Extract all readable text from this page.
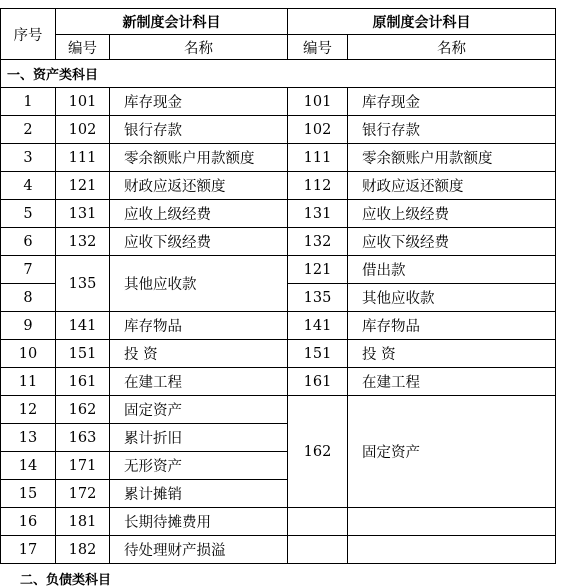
序号	新制度会计科目		原制度会计科目	
	编号	名称	编号	名称
一、资产类科目				
1	101	库存现金	101	库存现金
2	102	银行存款	102	银行存款
3	111	零余额账户用款额度	111	零余额账户用款额度
4	121	财政应返还额度	112	财政应返还额度
5	131	应收上级经费	131	应收上级经费
6	132	应收下级经费	132	应收下级经费
7	135	其他应收款	121	借出款
8			135	其他应收款
9	141	库存物品	141	库存物品
10	151	投 资	151	投 资
11	161	在建工程	161	在建工程
12	162	固定资产	162	固定资产
13	163	累计折旧		
14	171	无形资产		
15	172	累计摊销		
16	181	长期待摊费用		
17	182	待处理财产损溢		
二、负债类科目
